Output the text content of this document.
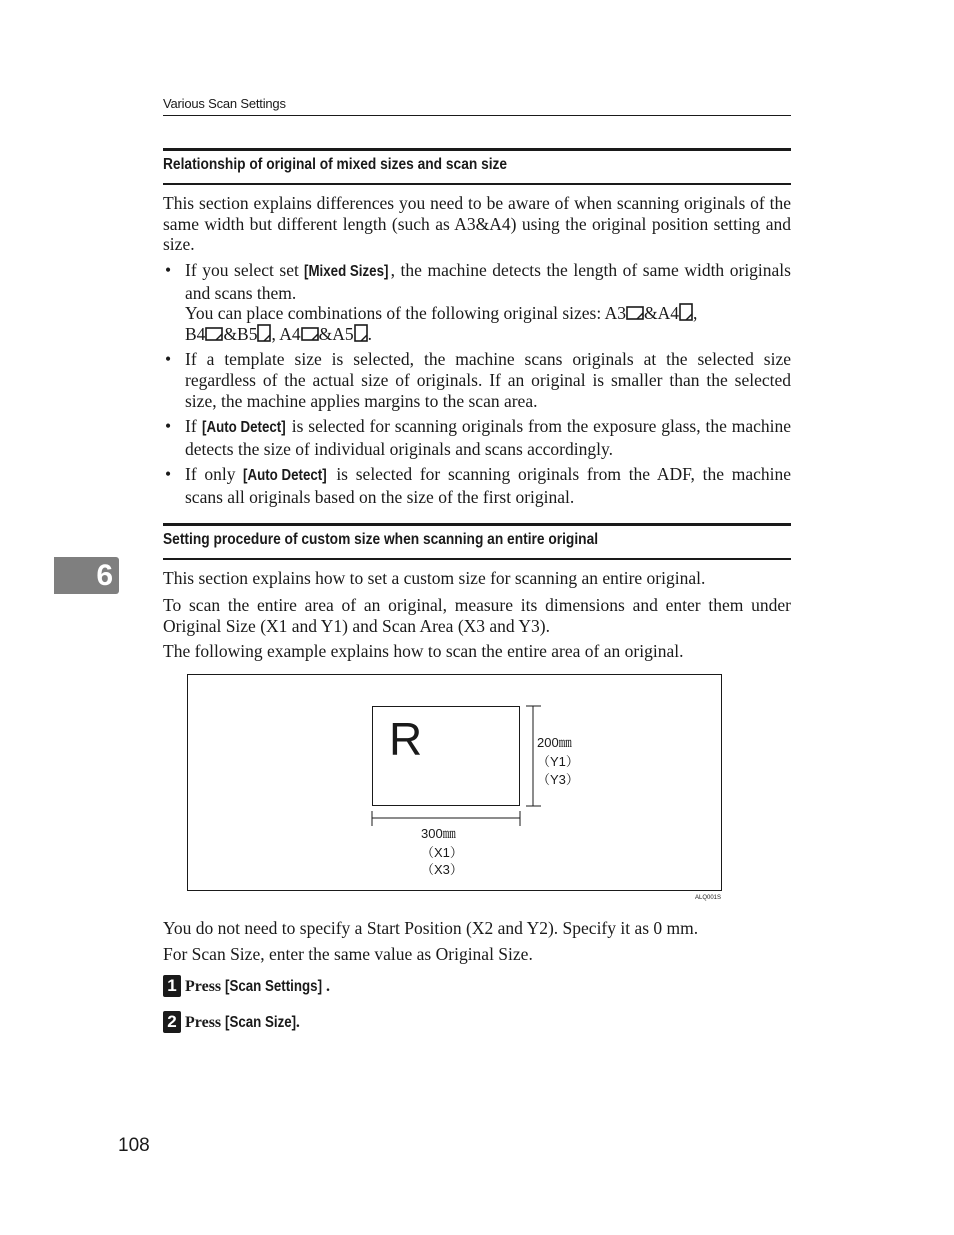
Various Scan Settings
Relationship of original of mixed sizes and scan size
This section explains differences you need to be aware of when scanning originals of the same width but different length (such as A3&A4) using the original position setting and size.
• If you select set [Mixed Sizes], the machine detects the length of same width originals and scans them.
You can place combinations of the following original sizes: A3 &A4 ,
B4 &B5 , A4 &A5 .
• If a template size is selected, the machine scans originals at the selected size regardless of the actual size of originals. If an original is smaller than the selected size, the machine applies margins to the scan area.
• If [Auto Detect] is selected for scanning originals from the exposure glass, the machine detects the size of individual originals and scans accordingly.
• If only [Auto Detect] is selected for scanning originals from the ADF, the machine scans all originals based on the size of the first original.
6
Setting procedure of custom size when scanning an entire original
This section explains how to set a custom size for scanning an entire original.
To scan the entire area of an original, measure its dimensions and enter them under Original Size (X1 and Y1) and Scan Area (X3 and Y3).
The following example explains how to scan the entire area of an original.
R	200㎜
（Y1）
（Y3）
300㎜
（X1）
（X3）
ALQ001S
You do not need to specify a Start Position (X2 and Y2). Specify it as 0 mm.
For Scan Size, enter the same value as Original Size.
1 Press [Scan Settings] .
2 Press [Scan Size].
108
